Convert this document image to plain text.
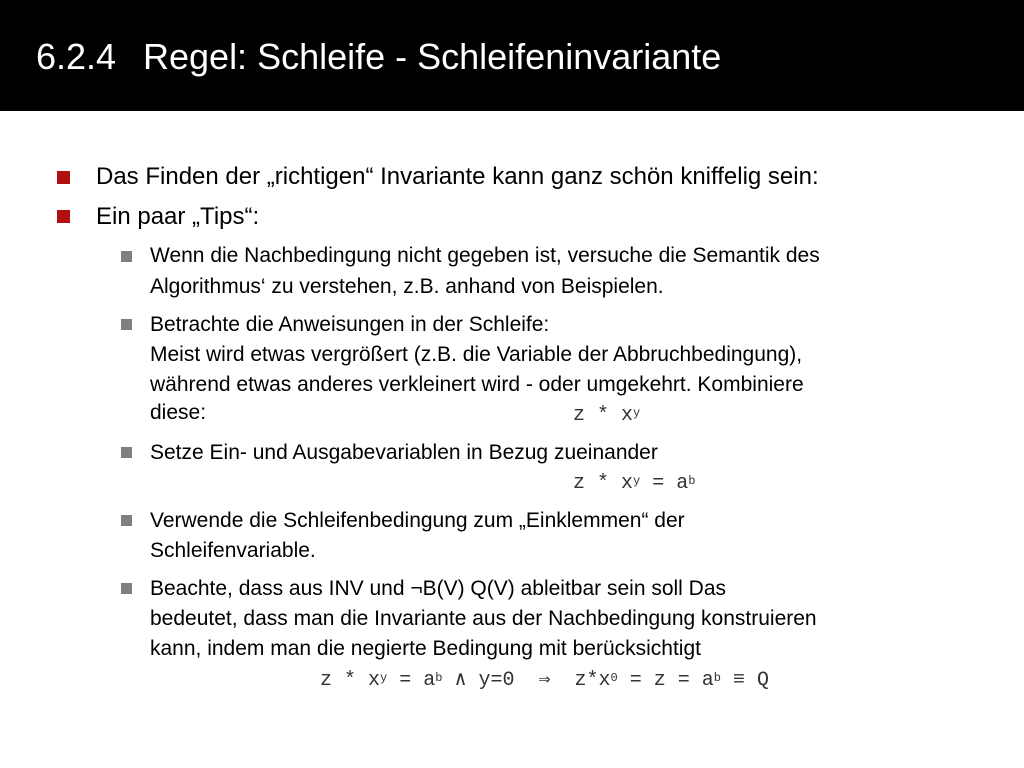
6.2.4 Regel: Schleife - Schleifeninvariante
Das Finden der „richtigen“ Invariante kann ganz schön kniffelig sein:
Ein paar „Tips“:
Wenn die Nachbedingung nicht gegeben ist, versuche die Semantik des
Algorithmus‘ zu verstehen, z.B. anhand von Beispielen.
Betrachte die Anweisungen in der Schleife:
Meist wird etwas vergrößert (z.B. die Variable der Abbruchbedingung),
während etwas anderes verkleinert wird - oder umgekehrt. Kombiniere
diese:	z * $x^y$
Setze Ein- und Ausgabevariablen in Bezug zueinander
$z * x^y = a^b$
Verwende die Schleifenbedingung zum „Einklemmen“ der
Schleifenvariable.
Beachte, dass aus INV und ¬B(V) Q(V) ableitbar sein soll Das
bedeutet, dass man die Invariante aus der Nachbedingung konstruieren
kann, indem man die negierte Bedingung mit berücksichtigt
$z * x^y = a^b$ ∧ y=0  ⇒  $z*x^0 = z = a^b \equiv Q$
